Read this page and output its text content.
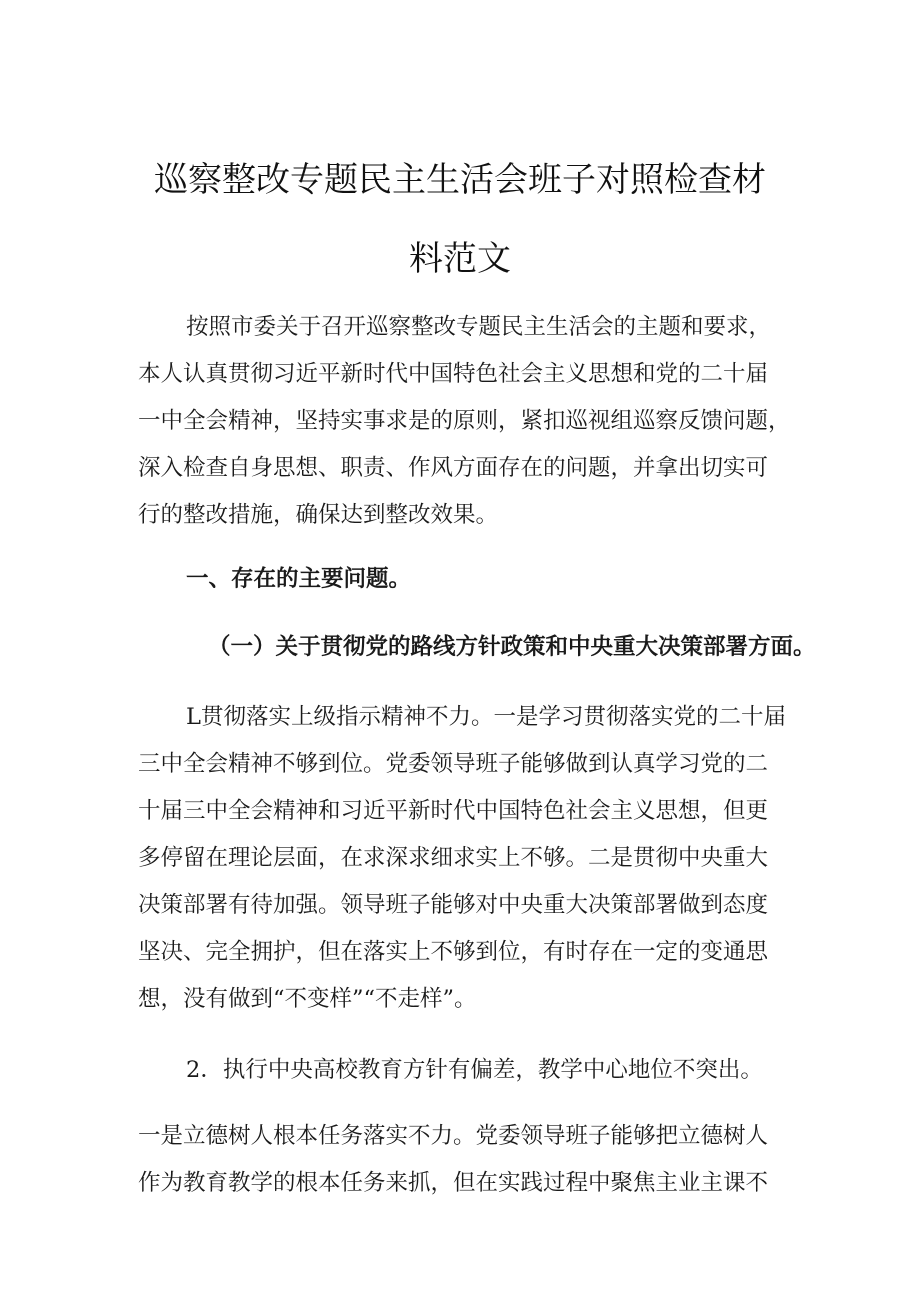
巡察整改专题民主生活会班子对照检查材
料范文
按照市委关于召开巡察整改专题民主生活会的主题和要求，
本人认真贯彻习近平新时代中国特色社会主义思想和党的二十届
一中全会精神，坚持实事求是的原则，紧扣巡视组巡察反馈问题，
深入检查自身思想、职责、作风方面存在的问题，并拿出切实可
行的整改措施，确保达到整改效果。
一、存在的主要问题。
（一）关于贯彻党的路线方针政策和中央重大决策部署方面。
L贯彻落实上级指示精神不力。一是学习贯彻落实党的二十届
三中全会精神不够到位。党委领导班子能够做到认真学习党的二
十届三中全会精神和习近平新时代中国特色社会主义思想，但更
多停留在理论层面，在求深求细求实上不够。二是贯彻中央重大
决策部署有待加强。领导班子能够对中央重大决策部署做到态度
坚决、完全拥护，但在落实上不够到位，有时存在一定的变通思
想，没有做到“不变样”“不走样”。
2．执行中央高校教育方针有偏差，教学中心地位不突出。
一是立德树人根本任务落实不力。党委领导班子能够把立德树人
作为教育教学的根本任务来抓，但在实践过程中聚焦主业主课不
